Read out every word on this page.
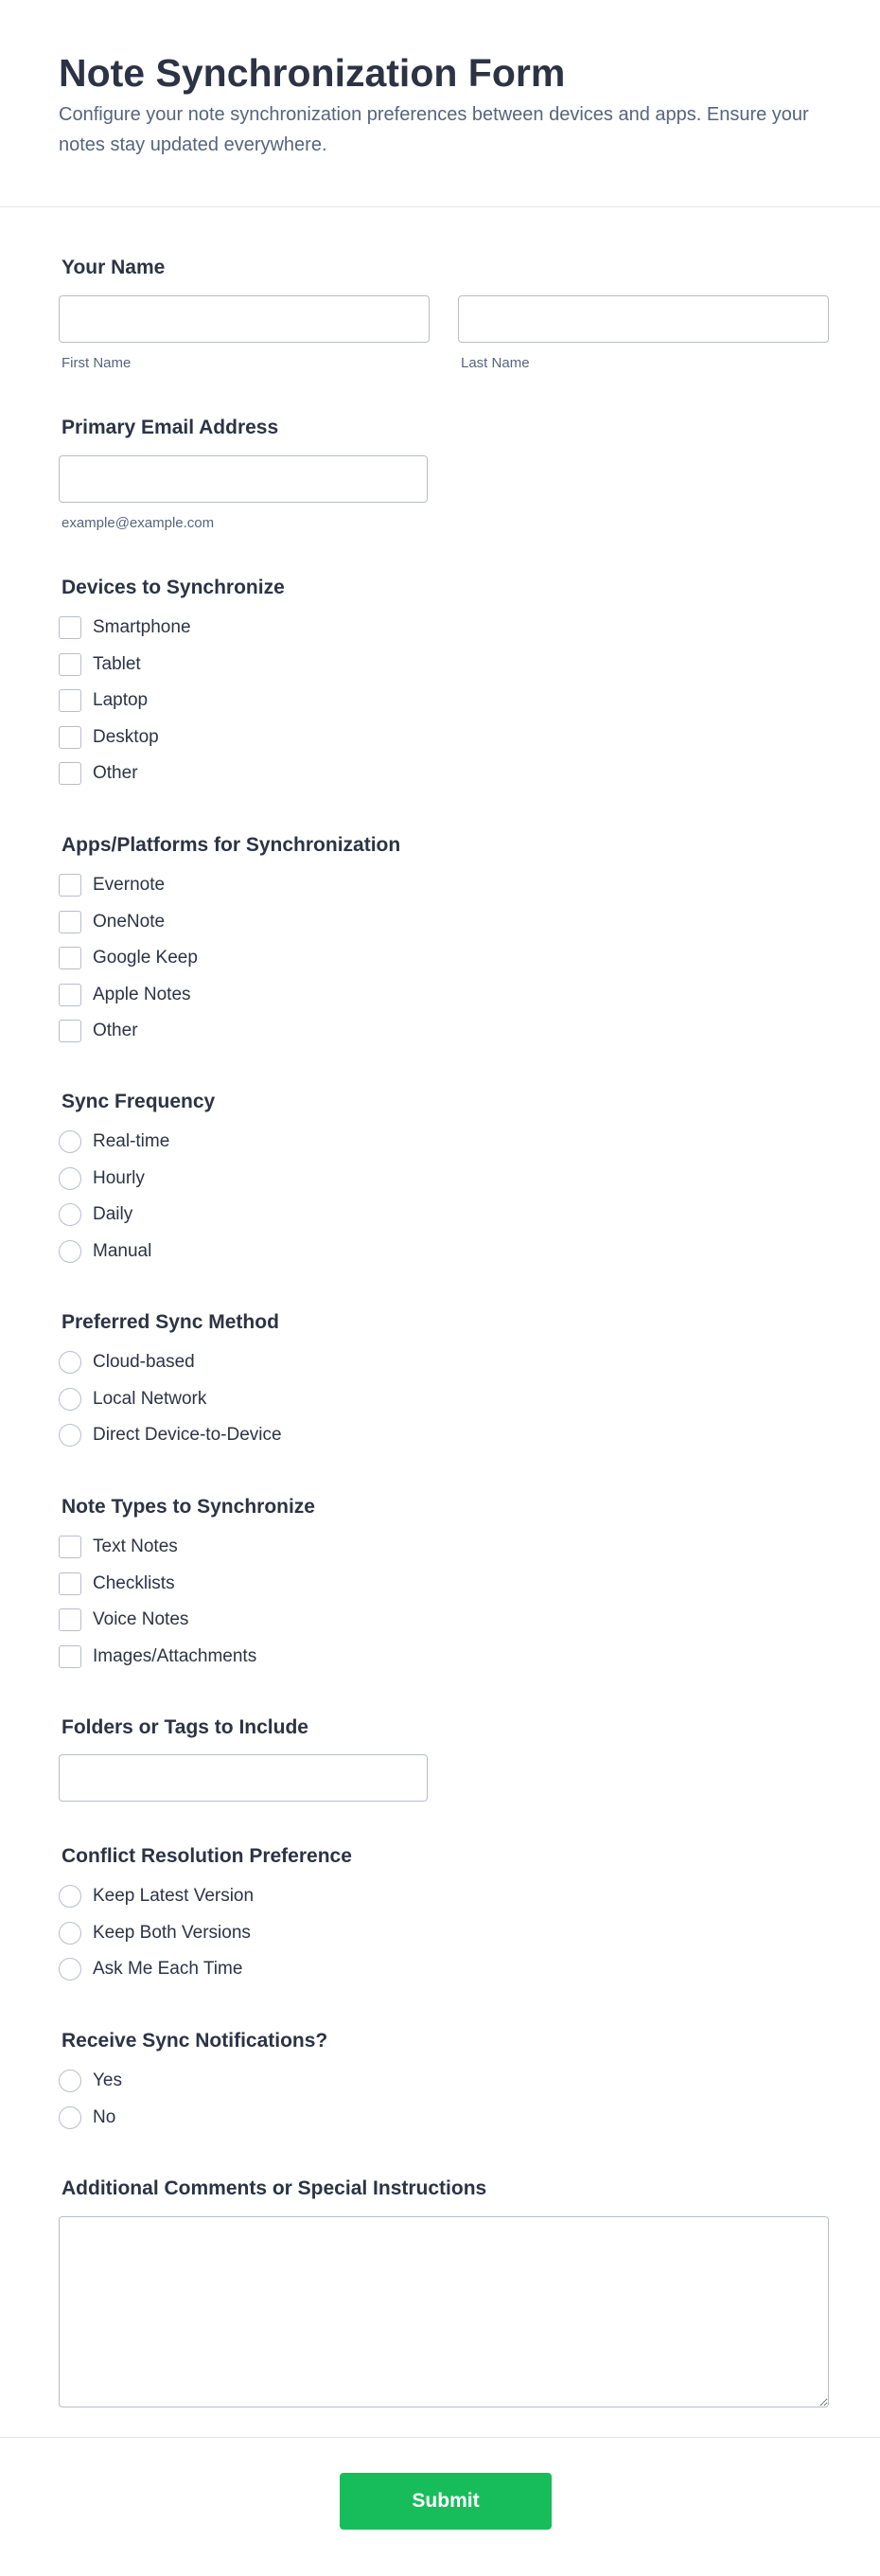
Note Synchronization Form

Configure your note synchronization preferences between devices and apps. Ensure your notes stay updated everywhere.

Your Name
First Name	Last Name
Primary Email Address
example@example.com
Devices to Synchronize
Smartphone
Tablet
Laptop
Desktop
Other
Apps/Platforms for Synchronization
Evernote
OneNote
Google Keep
Apple Notes
Other
Sync Frequency
Real-time
Hourly
Daily
Manual
Preferred Sync Method
Cloud-based
Local Network
Direct Device-to-Device
Note Types to Synchronize
Text Notes
Checklists
Voice Notes
Images/Attachments
Folders or Tags to Include
Conflict Resolution Preference
Keep Latest Version
Keep Both Versions
Ask Me Each Time
Receive Sync Notifications?
Yes
No
Additional Comments or Special Instructions
Submit
